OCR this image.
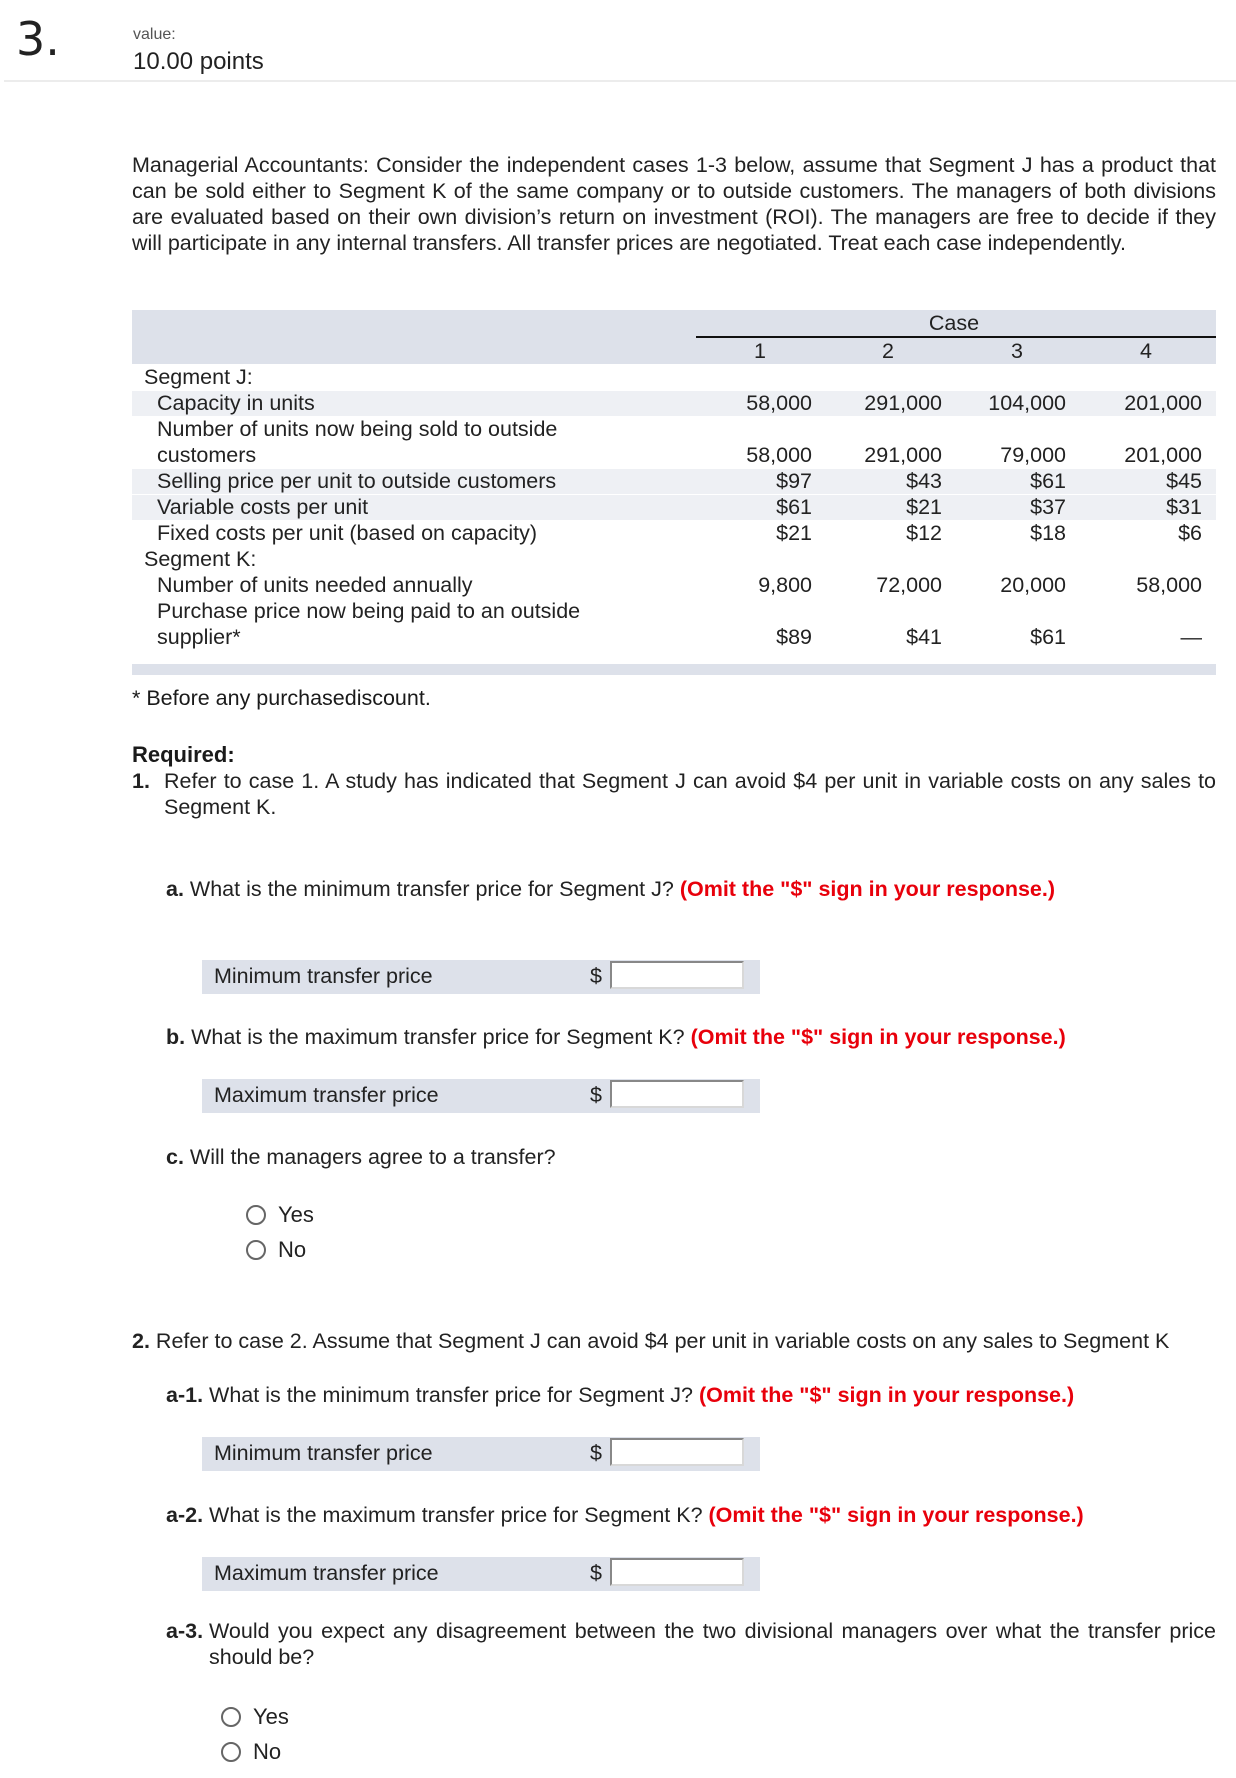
3.	value:
10.00 points
Managerial Accountants: Consider the independent cases 1-3 below, assume that Segment J has a product that can be sold either to Segment K of the same company or to outside customers. The managers of both divisions are evaluated based on their own division’s return on investment (ROI). The managers are free to decide if they will participate in any internal transfers. All transfer prices are negotiated. Treat each case independently.
Case
1	2	3	4
Segment J:
Capacity in units	58,000	291,000	104,000	201,000
Number of units now being sold to outside
customers	58,000	291,000	79,000	201,000
Selling price per unit to outside customers	$97	$43	$61	$45
Variable costs per unit	$61	$21	$37	$31
Fixed costs per unit (based on capacity)	$21	$12	$18	$6
Segment K:
Number of units needed annually	9,800	72,000	20,000	58,000
Purchase price now being paid to an outside
supplier*	$89	$41	$61	—
* Before any purchasediscount.
Required:
1. Refer to case 1. A study has indicated that Segment J can avoid $4 per unit in variable costs on any sales to Segment K.
a. What is the minimum transfer price for Segment J? (Omit the "$" sign in your response.)
Minimum transfer price	$
b. What is the maximum transfer price for Segment K? (Omit the "$" sign in your response.)
Maximum transfer price	$
c. Will the managers agree to a transfer?
Yes
No
2. Refer to case 2. Assume that Segment J can avoid $4 per unit in variable costs on any sales to Segment K
a-1. What is the minimum transfer price for Segment J? (Omit the "$" sign in your response.)
Minimum transfer price	$
a-2. What is the maximum transfer price for Segment K? (Omit the "$" sign in your response.)
Maximum transfer price	$
a-3. Would you expect any disagreement between the two divisional managers over what the transfer price should be?
Yes
No
